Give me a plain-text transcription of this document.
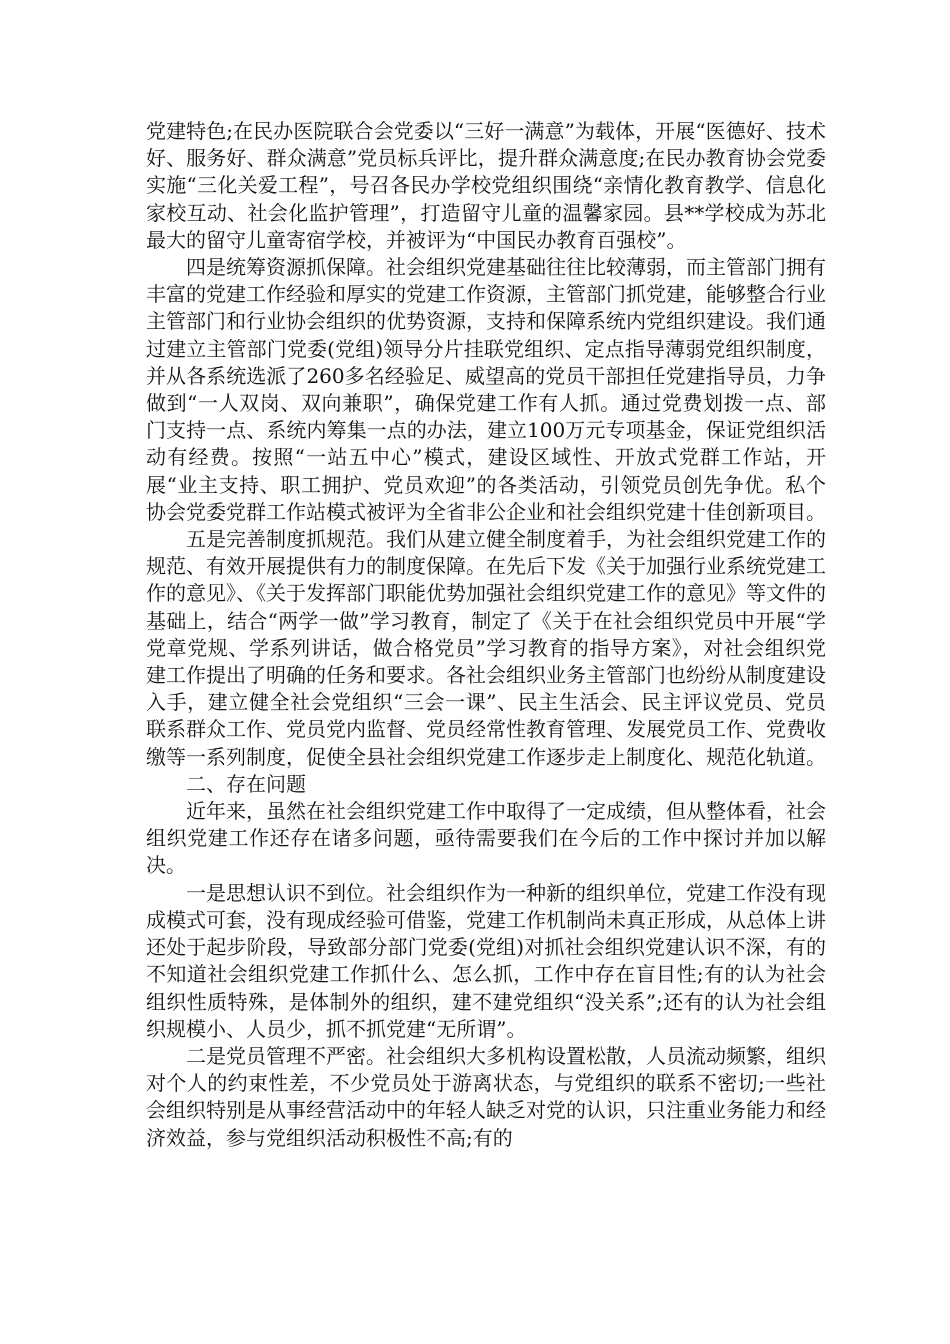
党建特色;在民办医院联合会党委以“三好一满意”为载体，开展“医德好、技术好、服务好、群众满意”党员标兵评比，提升群众满意度;在民办教育协会党委实施“三化关爱工程”，号召各民办学校党组织围绕“亲情化教育教学、信息化家校互动、社会化监护管理”，打造留守儿童的温馨家园。县**学校成为苏北最大的留守儿童寄宿学校，并被评为“中国民办教育百强校”。

四是统筹资源抓保障。社会组织党建基础往往比较薄弱，而主管部门拥有丰富的党建工作经验和厚实的党建工作资源，主管部门抓党建，能够整合行业主管部门和行业协会组织的优势资源，支持和保障系统内党组织建设。我们通过建立主管部门党委(党组)领导分片挂联党组织、定点指导薄弱党组织制度，并从各系统选派了260多名经验足、威望高的党员干部担任党建指导员，力争做到“一人双岗、双向兼职”，确保党建工作有人抓。通过党费划拨一点、部门支持一点、系统内筹集一点的办法，建立100万元专项基金，保证党组织活动有经费。按照“一站五中心”模式，建设区域性、开放式党群工作站，开展“业主支持、职工拥护、党员欢迎”的各类活动，引领党员创先争优。私个协会党委党群工作站模式被评为全省非公企业和社会组织党建十佳创新项目。

五是完善制度抓规范。我们从建立健全制度着手，为社会组织党建工作的规范、有效开展提供有力的制度保障。在先后下发《关于加强行业系统党建工作的意见》、《关于发挥部门职能优势加强社会组织党建工作的意见》等文件的基础上，结合“两学一做”学习教育，制定了《关于在社会组织党员中开展“学党章党规、学系列讲话，做合格党员”学习教育的指导方案》，对社会组织党建工作提出了明确的任务和要求。各社会组织业务主管部门也纷纷从制度建设入手，建立健全社会党组织“三会一课”、民主生活会、民主评议党员、党员联系群众工作、党员党内监督、党员经常性教育管理、发展党员工作、党费收缴等一系列制度，促使全县社会组织党建工作逐步走上制度化、规范化轨道。

二、存在问题

近年来，虽然在社会组织党建工作中取得了一定成绩，但从整体看，社会组织党建工作还存在诸多问题，亟待需要我们在今后的工作中探讨并加以解决。

一是思想认识不到位。社会组织作为一种新的组织单位，党建工作没有现成模式可套，没有现成经验可借鉴，党建工作机制尚未真正形成，从总体上讲还处于起步阶段，导致部分部门党委(党组)对抓社会组织党建认识不深，有的不知道社会组织党建工作抓什么、怎么抓，工作中存在盲目性;有的认为社会组织性质特殊，是体制外的组织，建不建党组织“没关系”;还有的认为社会组织规模小、人员少，抓不抓党建“无所谓”。

二是党员管理不严密。社会组织大多机构设置松散，人员流动频繁，组织对个人的约束性差，不少党员处于游离状态，与党组织的联系不密切;一些社会组织特别是从事经营活动中的年轻人缺乏对党的认识，只注重业务能力和经济效益，参与党组织活动积极性不高;有的
